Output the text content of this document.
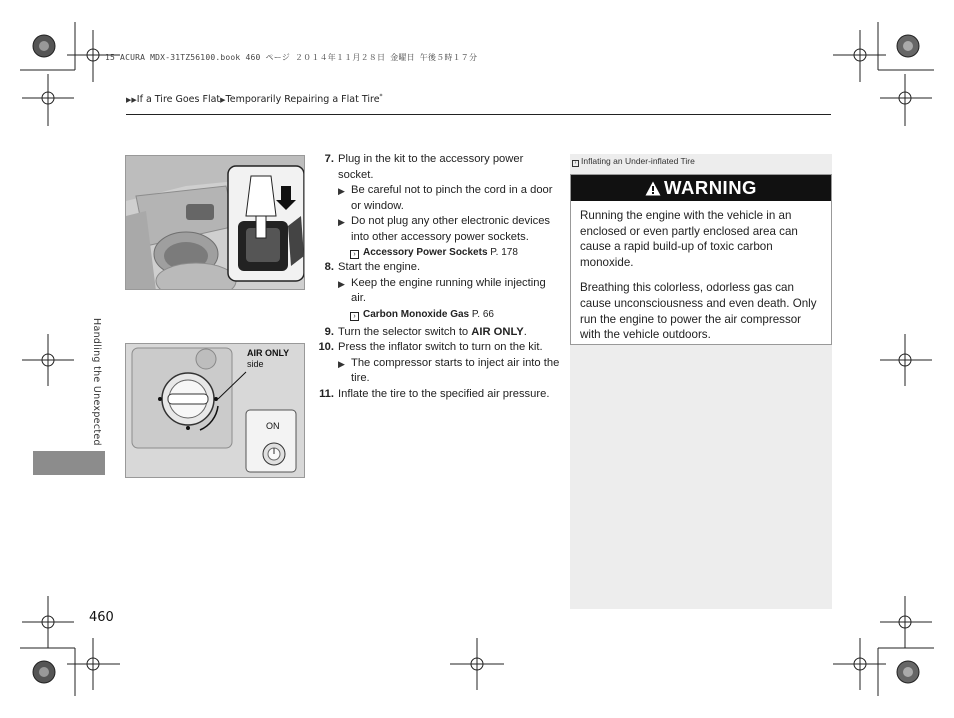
15 ACURA MDX-31TZ56100.book 460 ページ ２０１４年１１月２８日 金曜日 午後５時１７分
▶▶If a Tire Goes Flat▶Temporarily Repairing a Flat Tire*
Handling the Unexpected	AIR ONLY
side
ON
7. Plug in the kit to the accessory power socket.
▶ Be careful not to pinch the cord in a door or window.
▶ Do not plug any other electronic devices into other accessory power sockets.
› Accessory Power Sockets P. 178
8. Start the engine.
▶ Keep the engine running while injecting air.
› Carbon Monoxide Gas P. 66
9. Turn the selector switch to AIR ONLY.
10. Press the inflator switch to turn on the kit.
▶ The compressor starts to inject air into the tire.
11. Inflate the tire to the specified air pressure.
› Inflating an Under-inflated Tire
WARNING

Running the engine with the vehicle in an enclosed or even partly enclosed area can cause a rapid build-up of toxic carbon monoxide.

Breathing this colorless, odorless gas can cause unconsciousness and even death. Only run the engine to power the air compressor with the vehicle outdoors.

460
